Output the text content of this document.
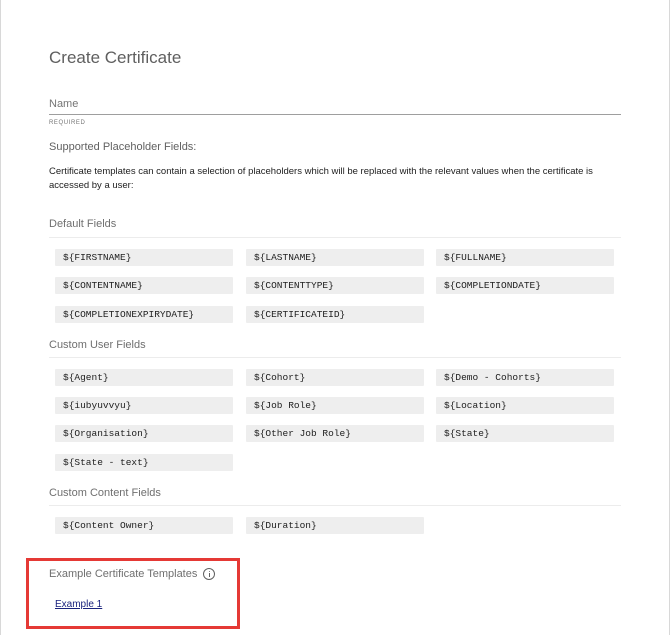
Create Certificate
Name
REQUIRED
Supported Placeholder Fields:

Certificate templates can contain a selection of placeholders which will be replaced with the relevant values when the certificate is accessed by a user:

Default Fields
${FIRSTNAME}	${LASTNAME}	${FULLNAME}
${CONTENTNAME}	${CONTENTTYPE}	${COMPLETIONDATE}
${COMPLETIONEXPIRYDATE}	${CERTIFICATEID}
Custom User Fields
${Agent}	${Cohort}	${Demo - Cohorts}
${iubyuvvyu}	${Job Role}	${Location}
${Organisation}	${Other Job Role}	${State}
${State - text}
Custom Content Fields
${Content Owner}	${Duration}
Example Certificate Templates
Example 1
